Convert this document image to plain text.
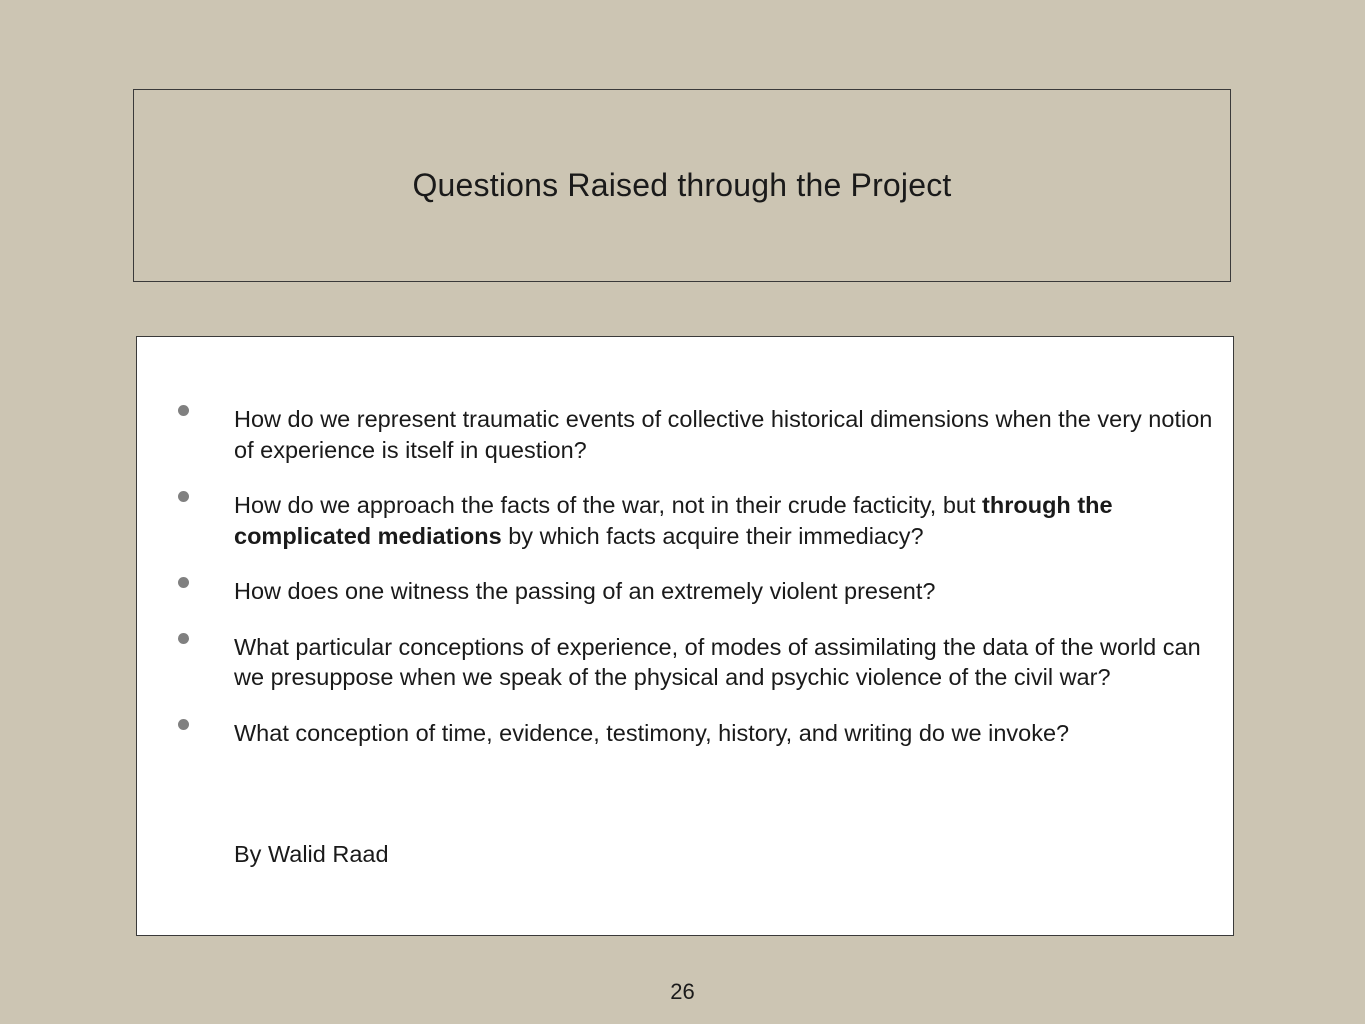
Questions Raised through the Project
How do we represent traumatic events of collective historical dimensions when the very notion of experience is itself in question?
How do we approach the facts of the war, not in their crude facticity, but through the complicated mediations by which facts acquire their immediacy?
How does one witness the passing of an extremely violent present?
What particular conceptions of experience, of modes of assimilating the data of the world can we presuppose when we speak of the physical and psychic violence of the civil war?
What conception of time, evidence, testimony, history, and writing do we invoke?
By Walid Raad
26
